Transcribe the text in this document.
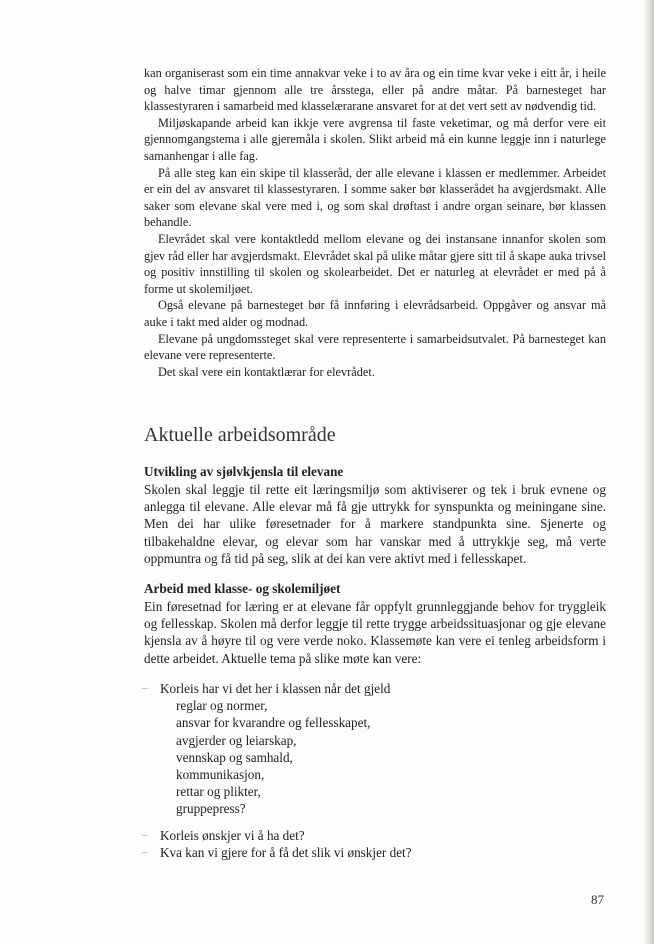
kan organiserast som ein time annakvar veke i to av åra og ein time kvar veke i eitt år, i heile og halve timar gjennom alle tre årsstega, eller på andre måtar. På barnesteget har klassestyraren i samarbeid med klasselærarane ansvaret for at det vert sett av nødvendig tid.

Miljøskapande arbeid kan ikkje vere avgrensa til faste veketimar, og må derfor vere eit gjennomgangstema i alle gjeremåla i skolen. Slikt arbeid må ein kunne leggje inn i naturlege samanhengar i alle fag.

På alle steg kan ein skipe til klasseråd, der alle elevane i klassen er medlemmer. Arbeidet er ein del av ansvaret til klassestyraren. I somme saker bør klasserådet ha avgjerdsmakt. Alle saker som elevane skal vere med i, og som skal drøftast i andre organ seinare, bør klassen behandle.

Elevrådet skal vere kontaktledd mellom elevane og dei instansane innanfor skolen som gjev råd eller har avgjerdsmakt. Elevrådet skal på ulike måtar gjere sitt til å skape auka trivsel og positiv innstilling til skolen og skolearbeidet. Det er naturleg at elevrådet er med på å forme ut skolemiljøet.

Også elevane på barnesteget bør få innføring i elevrådsarbeid. Oppgåver og ansvar må auke i takt med alder og modnad.

Elevane på ungdomssteget skal vere representerte i samarbeidsutvalet. På barnesteget kan elevane vere representerte.

Det skal vere ein kontaktlærar for elevrådet.

Aktuelle arbeidsområde
Utvikling av sjølvkjensla til elevane

Skolen skal leggje til rette eit læringsmiljø som aktiviserer og tek i bruk evnene og anlegga til elevane. Alle elevar må få gje uttrykk for synspunkta og meiningane sine. Men dei har ulike føresetnader for å markere standpunkta sine. Sjenerte og tilbakehaldne elevar, og elevar som har vanskar med å uttrykkje seg, må verte oppmuntra og få tid på seg, slik at dei kan vere aktivt med i fellesskapet.

Arbeid med klasse- og skolemiljøet

Ein føresetnad for læring er at elevane får oppfylt grunnleggjande behov for tryggleik og fellesskap. Skolen må derfor leggje til rette trygge arbeidssituasjonar og gje elevane kjensla av å høyre til og vere verde noko. Klassemøte kan vere ei tenleg arbeidsform i dette arbeidet. Aktuelle tema på slike møte kan vere:

– Korleis har vi det her i klassen når det gjeld
reglar og normer,
ansvar for kvarandre og fellesskapet,
avgjerder og leiarskap,
vennskap og samhald,
kommunikasjon,
rettar og plikter,
gruppepress?
– Korleis ønskjer vi å ha det?
– Kva kan vi gjere for å få det slik vi ønskjer det?
87
